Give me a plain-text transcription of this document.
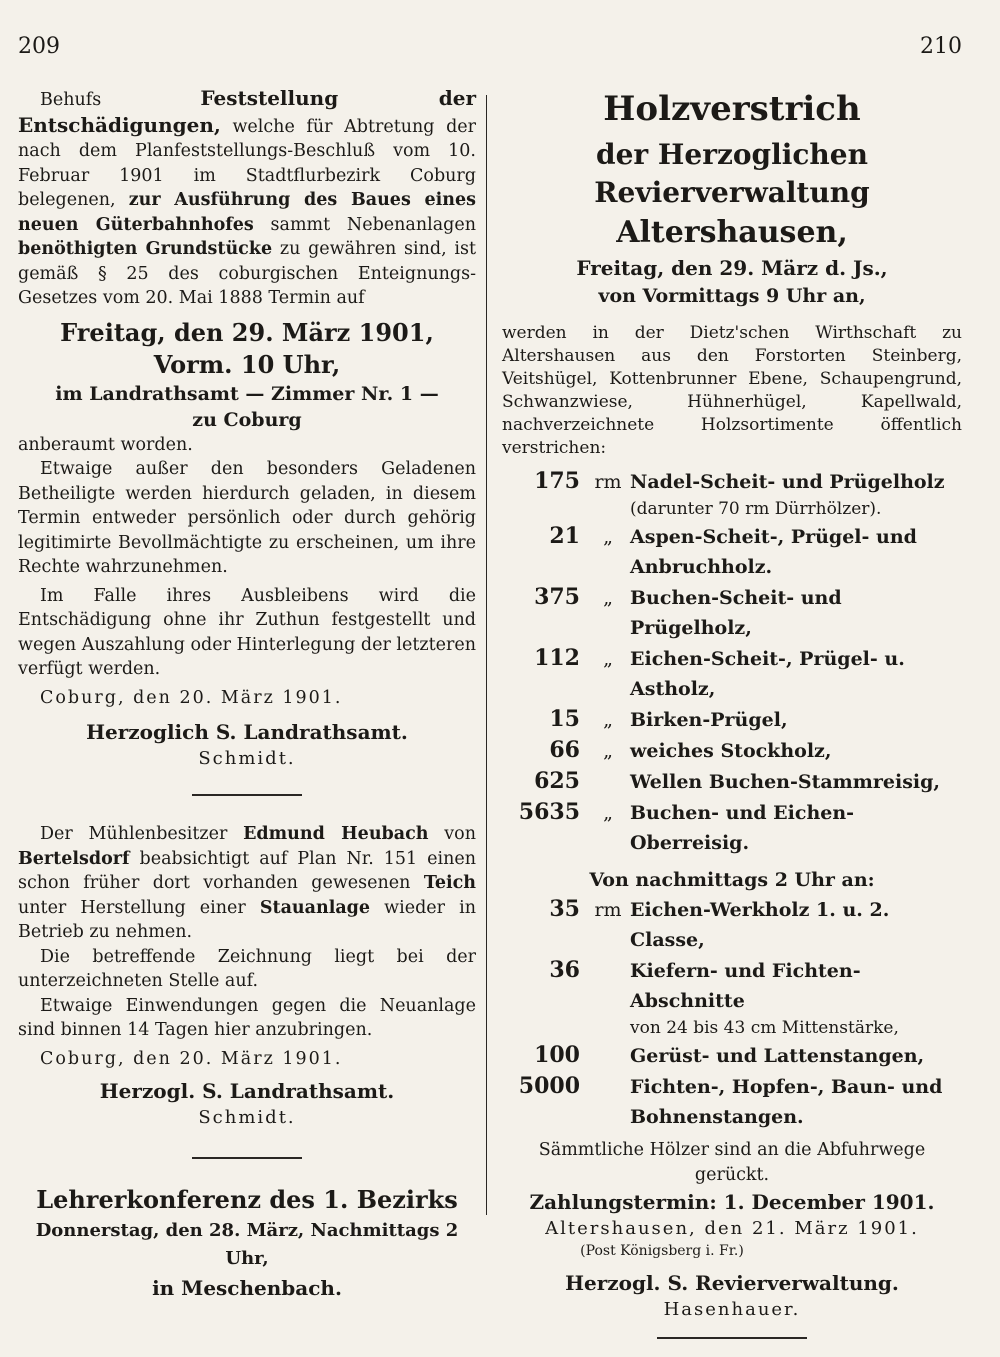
209	210

Behufs	Feststellung der Entschädigungen, welche für Abtretung der nach dem Planfeststellungs-Beschluß vom 10. Februar 1901 im Stadtflurbezirk Coburg belegenen, zur Ausführung des Baues eines neuen Güterbahnhofes sammt Nebenanlagen benöthigten Grundstücke zu gewähren sind, ist gemäß § 25 des coburgischen Enteignungs-Gesetzes vom 20. Mai 1888 Termin auf

Freitag, den 29. März 1901, Vorm. 10 Uhr,

im Landrathsamt — Zimmer Nr. 1 —

zu Coburg

anberaumt worden.

Etwaige außer den besonders Geladenen Betheiligte werden hierdurch geladen, in diesem Termin entweder persönlich oder durch gehörig legitimirte Bevollmächtigte zu erscheinen, um ihre Rechte wahrzunehmen.

Im Falle ihres Ausbleibens wird die Entschädigung ohne ihr Zuthun festgestellt und wegen Auszahlung oder Hinterlegung der letzteren verfügt werden.

Coburg, den 20. März 1901.

Herzoglich S. Landrathsamt.

Schmidt.

Der Mühlenbesitzer Edmund Heubach von Bertelsdorf beabsichtigt auf Plan Nr. 151 einen schon früher dort vorhanden gewesenen Teich unter Herstellung einer Stauanlage wieder in Betrieb zu nehmen.

Die betreffende Zeichnung liegt bei der unterzeichneten Stelle auf.

Etwaige Einwendungen gegen die Neuanlage sind binnen 14 Tagen hier anzubringen.

Coburg, den 20. März 1901.

Herzogl. S. Landrathsamt.

Schmidt.

Lehrerkonferenz des 1. Bezirks

Donnerstag, den 28. März, Nachmittags 2 Uhr,

in Meschenbach.

Holzverstrich

der Herzoglichen Revierverwaltung

Altershausen,

Freitag, den 29. März d. Js.,

von Vormittags 9 Uhr an,

werden in der Dietz'schen Wirthschaft zu Altershausen aus den Forstorten Steinberg, Veitshügel, Kottenbrunner Ebene, Schaupengrund, Schwanzwiese, Hühnerhügel, Kapellwald, nachverzeichnete Holzsortimente öffentlich verstrichen:

175 rm Nadel-Scheit- und Prügelholz
(darunter 70 rm Dürrhölzer).
21	„ Aspen-Scheit-, Prügel- und Anbruchholz.
375	„ Buchen-Scheit- und Prügelholz,
112	„ Eichen-Scheit-, Prügel- u. Astholz,
15	„ Birken-Prügel,
66	„ weiches Stockholz,
625	Wellen Buchen-Stammreisig,
5635	„ Buchen- und Eichen-Oberreisig.

Von nachmittags 2 Uhr an:

35 rm Eichen-Werkholz 1. u. 2. Classe,
36	Kiefern- und Fichten-Abschnitte
von 24 bis 43 cm Mittenstärke,
100	Gerüst- und Lattenstangen,
5000	Fichten-, Hopfen-, Baun- und Bohnenstangen.

Sämmtliche Hölzer sind an die Abfuhrwege gerückt.

Zahlungstermin: 1. December 1901.

Altershausen, den 21. März 1901.

(Post Königsberg i. Fr.)

Herzogl. S. Revierverwaltung.

Hasenhauer.
